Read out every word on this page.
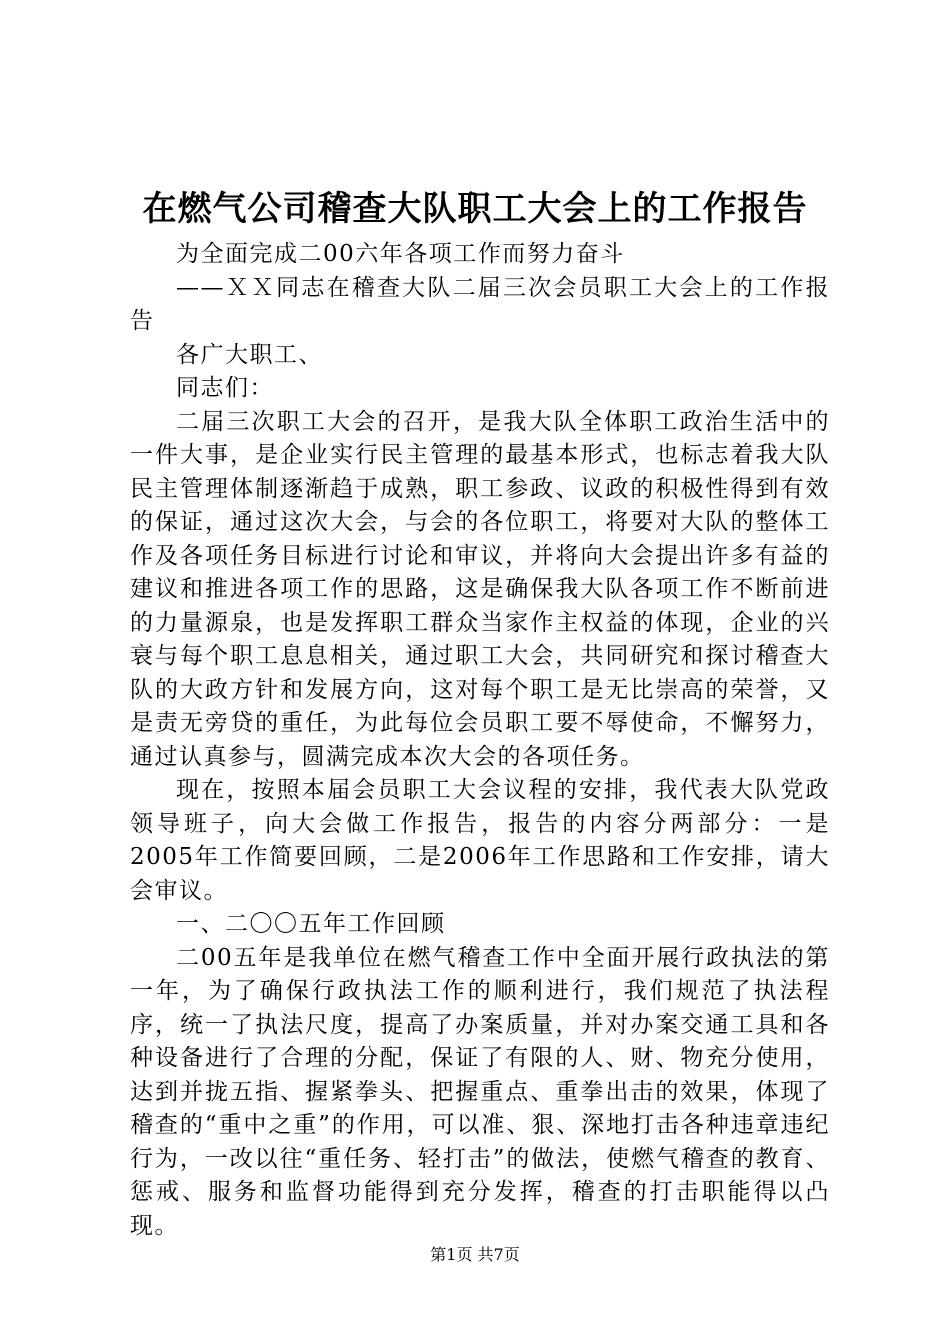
在燃气公司稽查大队职工大会上的工作报告

为全面完成二00六年各项工作而努力奋斗

——ＸＸ同志在稽查大队二届三次会员职工大会上的工作报告

各广大职工、

同志们：

二届三次职工大会的召开，是我大队全体职工政治生活中的一件大事，是企业实行民主管理的最基本形式，也标志着我大队民主管理体制逐渐趋于成熟，职工参政、议政的积极性得到有效的保证，通过这次大会，与会的各位职工，将要对大队的整体工作及各项任务目标进行讨论和审议，并将向大会提出许多有益的建议和推进各项工作的思路，这是确保我大队各项工作不断前进的力量源泉，也是发挥职工群众当家作主权益的体现，企业的兴衰与每个职工息息相关，通过职工大会，共同研究和探讨稽查大队的大政方针和发展方向，这对每个职工是无比崇高的荣誉，又是责无旁贷的重任，为此每位会员职工要不辱使命，不懈努力，通过认真参与，圆满完成本次大会的各项任务。

现在，按照本届会员职工大会议程的安排，我代表大队党政领导班子，向大会做工作报告，报告的内容分两部分：一是2005年工作简要回顾，二是2006年工作思路和工作安排，请大会审议。

一、二〇〇五年工作回顾

二00五年是我单位在燃气稽查工作中全面开展行政执法的第一年，为了确保行政执法工作的顺利进行，我们规范了执法程序，统一了执法尺度，提高了办案质量，并对办案交通工具和各种设备进行了合理的分配，保证了有限的人、财、物充分使用，达到并拢五指、握紧拳头、把握重点、重拳出击的效果，体现了稽查的“重中之重”的作用，可以准、狠、深地打击各种违章违纪行为，一改以往“重任务、轻打击”的做法，使燃气稽查的教育、惩戒、服务和监督功能得到充分发挥，稽查的打击职能得以凸现。

第1页 共7页
